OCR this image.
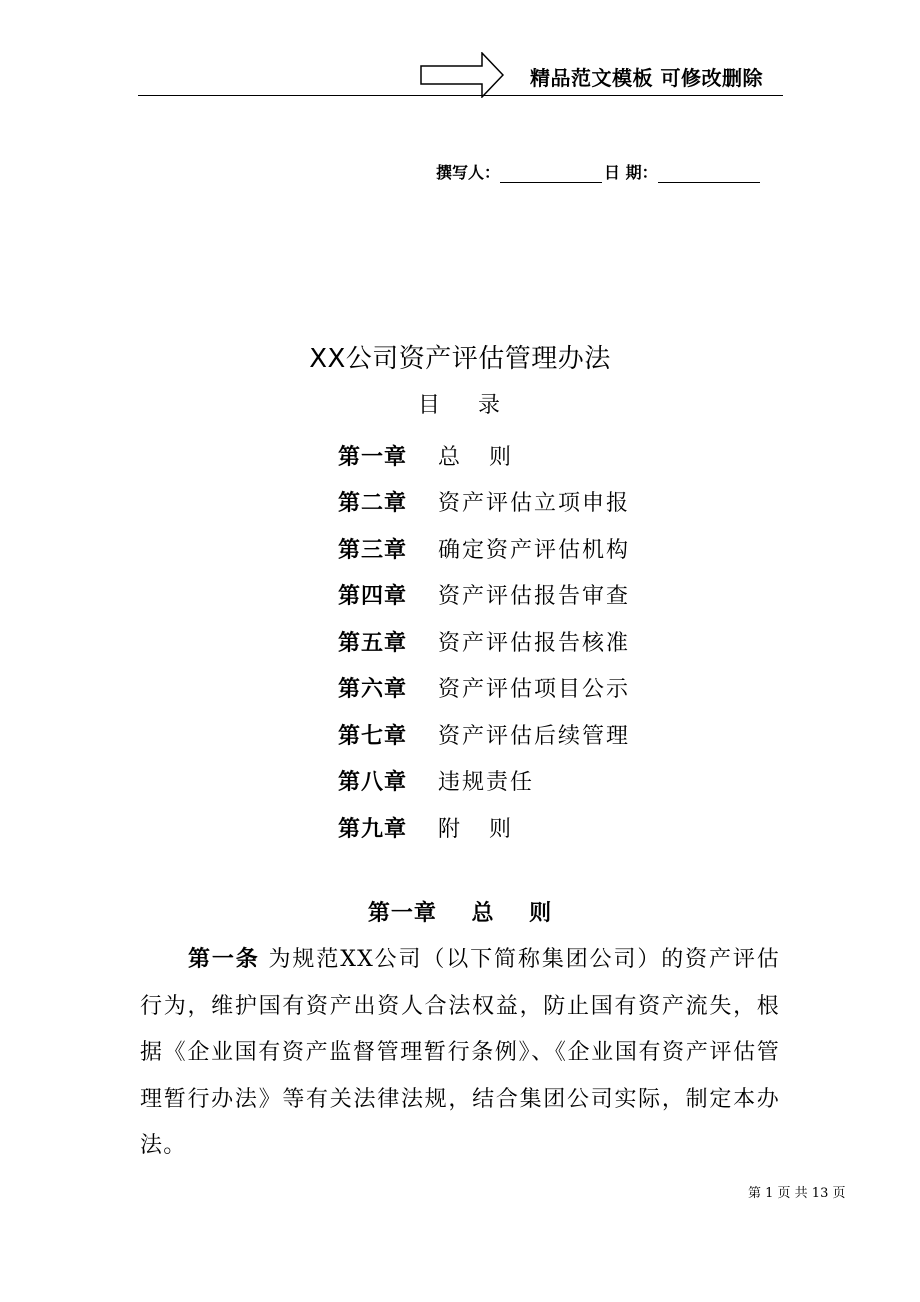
精品范文模板 可修改删除
撰写人：	日 期：
XX公司资产评估管理办法
目    录
第一章	总   则
第二章	资产评估立项申报
第三章	确定资产评估机构
第四章	资产评估报告审查
第五章	资产评估报告核准
第六章	资产评估项目公示
第七章	资产评估后续管理
第八章	违规责任
第九章	附   则
第一章    总    则

第一条 为规范XX公司（以下简称集团公司）的资产评估行为，维护国有资产出资人合法权益，防止国有资产流失，根据《企业国有资产监督管理暂行条例》、《企业国有资产评估管理暂行办法》等有关法律法规，结合集团公司实际，制定本办法。

第 1 页 共 13 页
